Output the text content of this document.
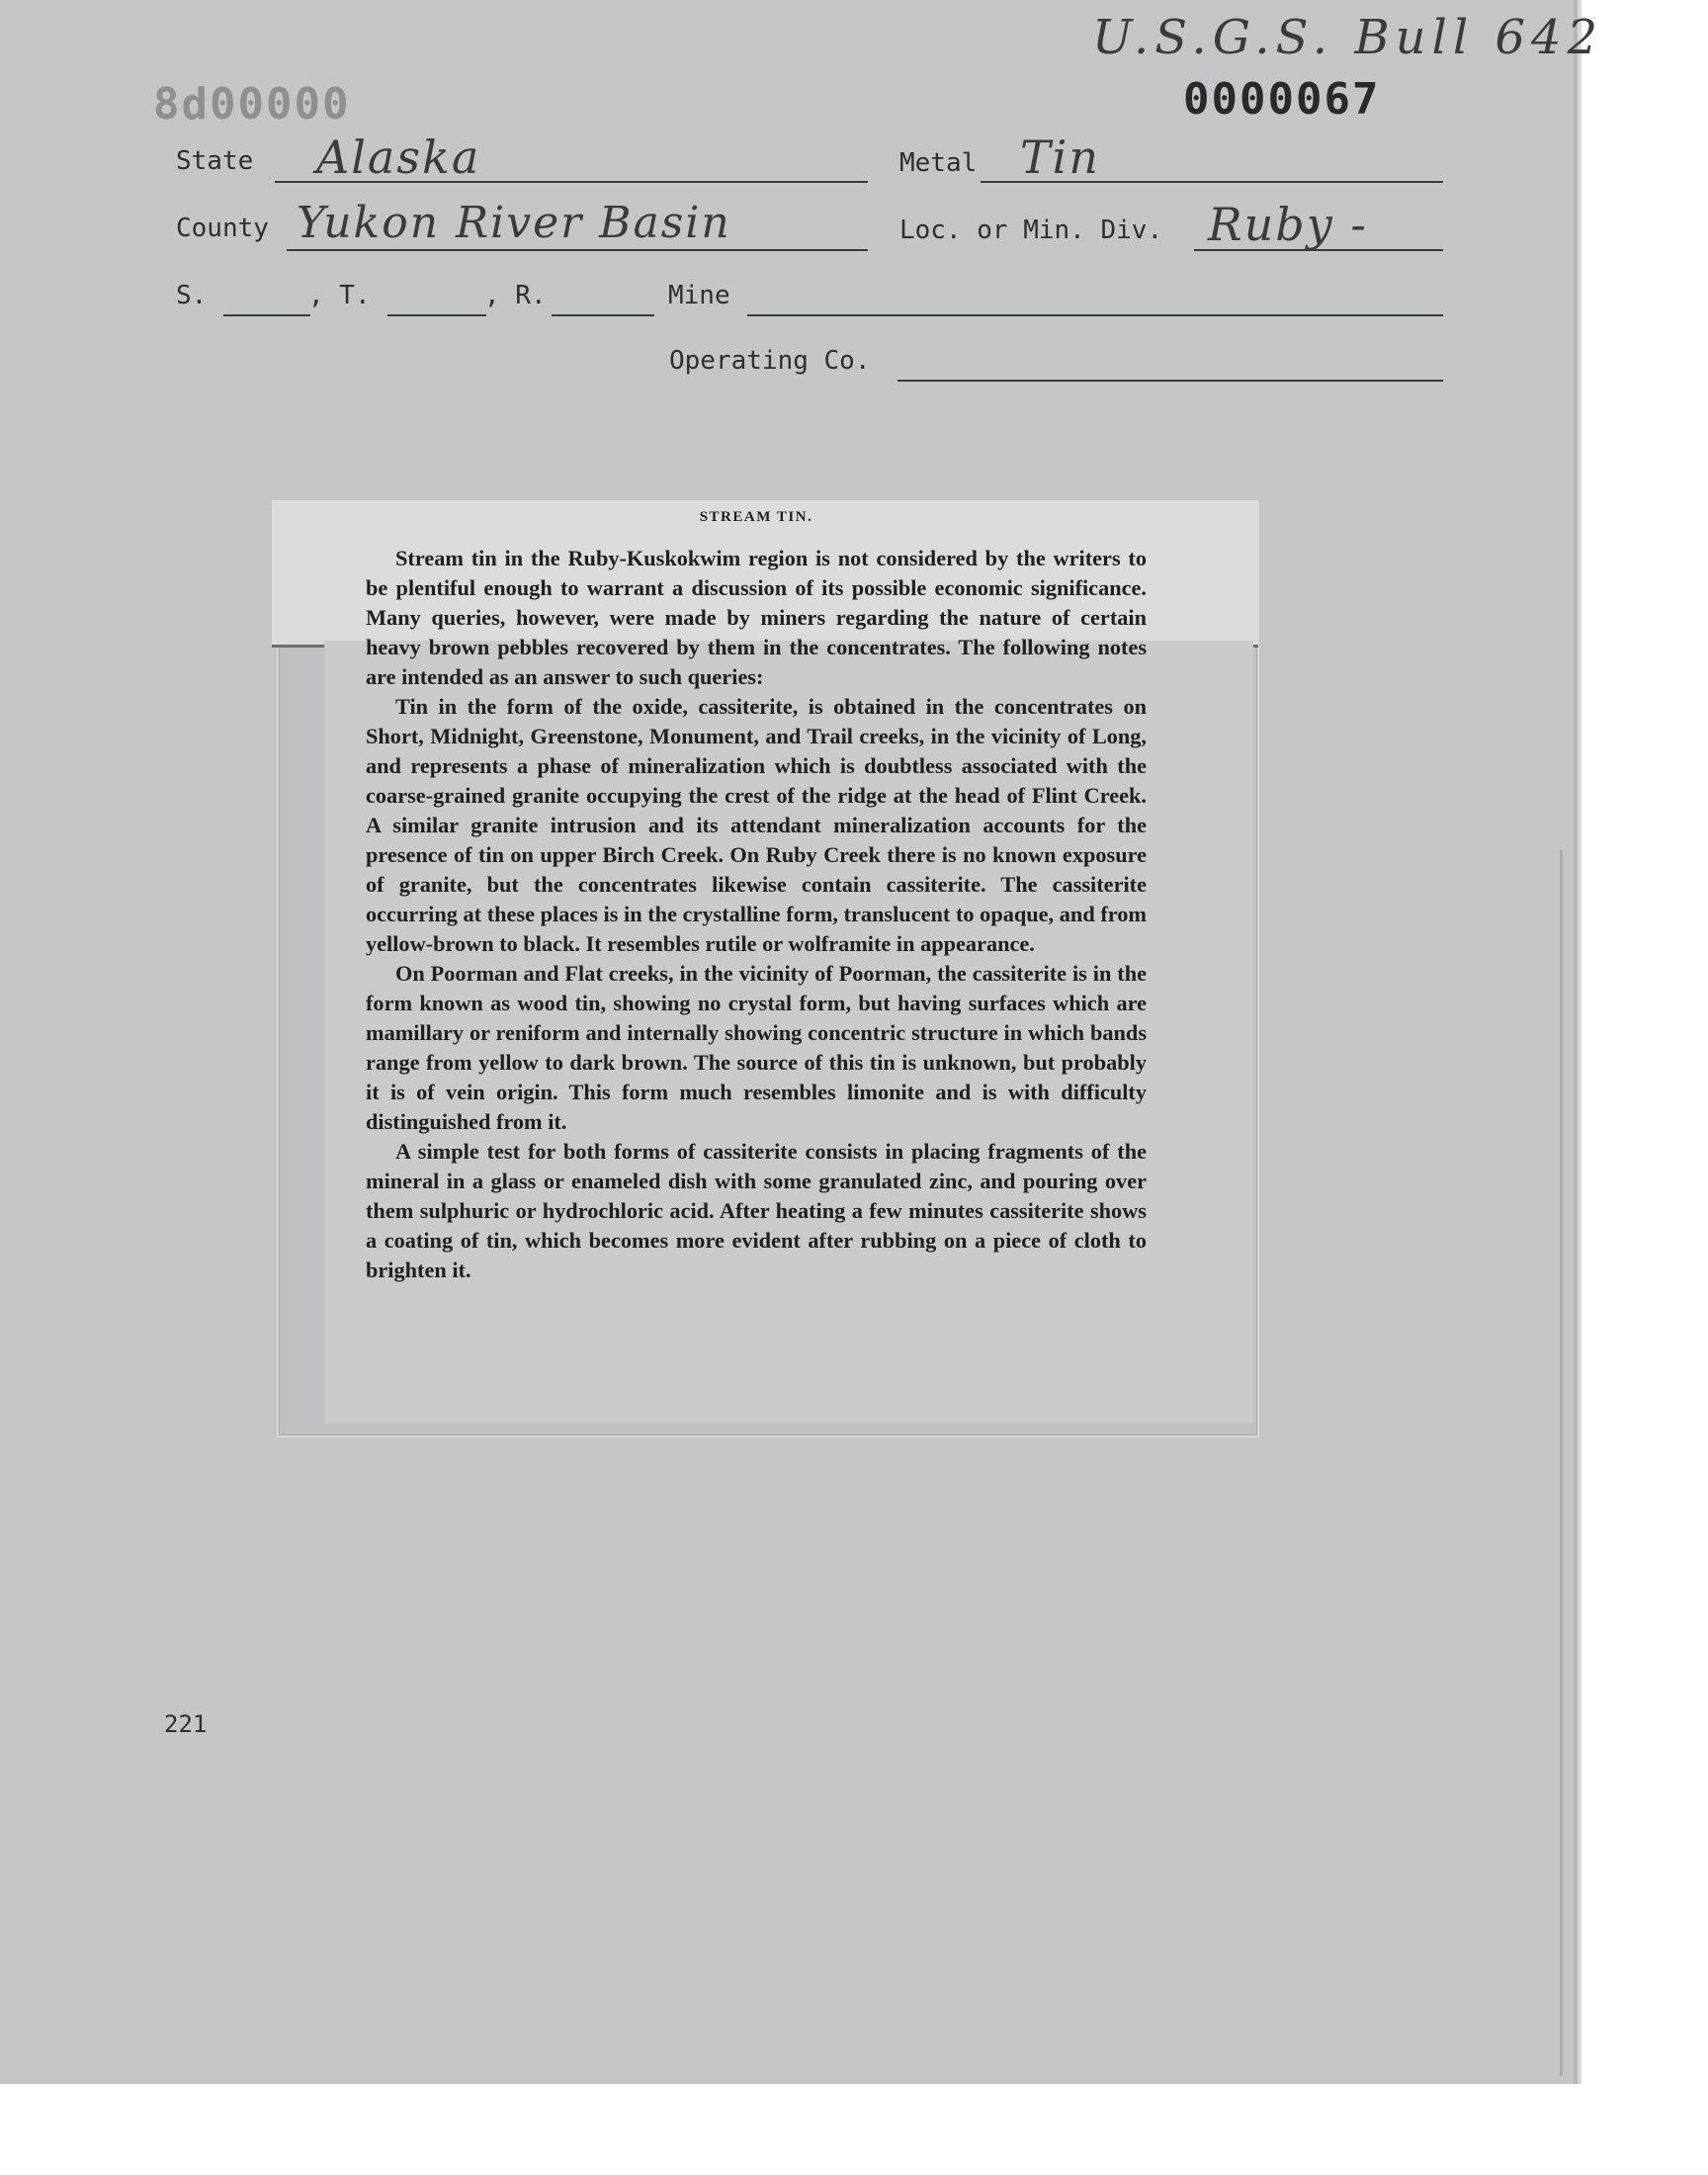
U.S.G.S. Bull 642
8d00000	0000067
State Alaska	Metal Tin
County Yukon River Basin	Loc. or Min. Div. Ruby -
S.	, T.	, R.	Mine
Operating Co.
STREAM TIN.

Stream tin in the Ruby-Kuskokwim region is not considered by the writers to be plentiful enough to warrant a discussion of its possible economic significance. Many queries, however, were made by miners regarding the nature of certain heavy brown pebbles recovered by them in the concentrates. The following notes are intended as an answer to such queries:

Tin in the form of the oxide, cassiterite, is obtained in the concentrates on Short, Midnight, Greenstone, Monument, and Trail creeks, in the vicinity of Long, and represents a phase of mineralization which is doubtless associated with the coarse-grained granite occupying the crest of the ridge at the head of Flint Creek. A similar granite intrusion and its attendant mineralization accounts for the presence of tin on upper Birch Creek. On Ruby Creek there is no known exposure of granite, but the concentrates likewise contain cassiterite. The cassiterite occurring at these places is in the crystalline form, translucent to opaque, and from yellow-brown to black. It resembles rutile or wolframite in appearance.

On Poorman and Flat creeks, in the vicinity of Poorman, the cassiterite is in the form known as wood tin, showing no crystal form, but having surfaces which are mamillary or reniform and internally showing concentric structure in which bands range from yellow to dark brown. The source of this tin is unknown, but probably it is of vein origin. This form much resembles limonite and is with difficulty distinguished from it.

A simple test for both forms of cassiterite consists in placing fragments of the mineral in a glass or enameled dish with some granulated zinc, and pouring over them sulphuric or hydrochloric acid. After heating a few minutes cassiterite shows a coating of tin, which becomes more evident after rubbing on a piece of cloth to brighten it.

221
